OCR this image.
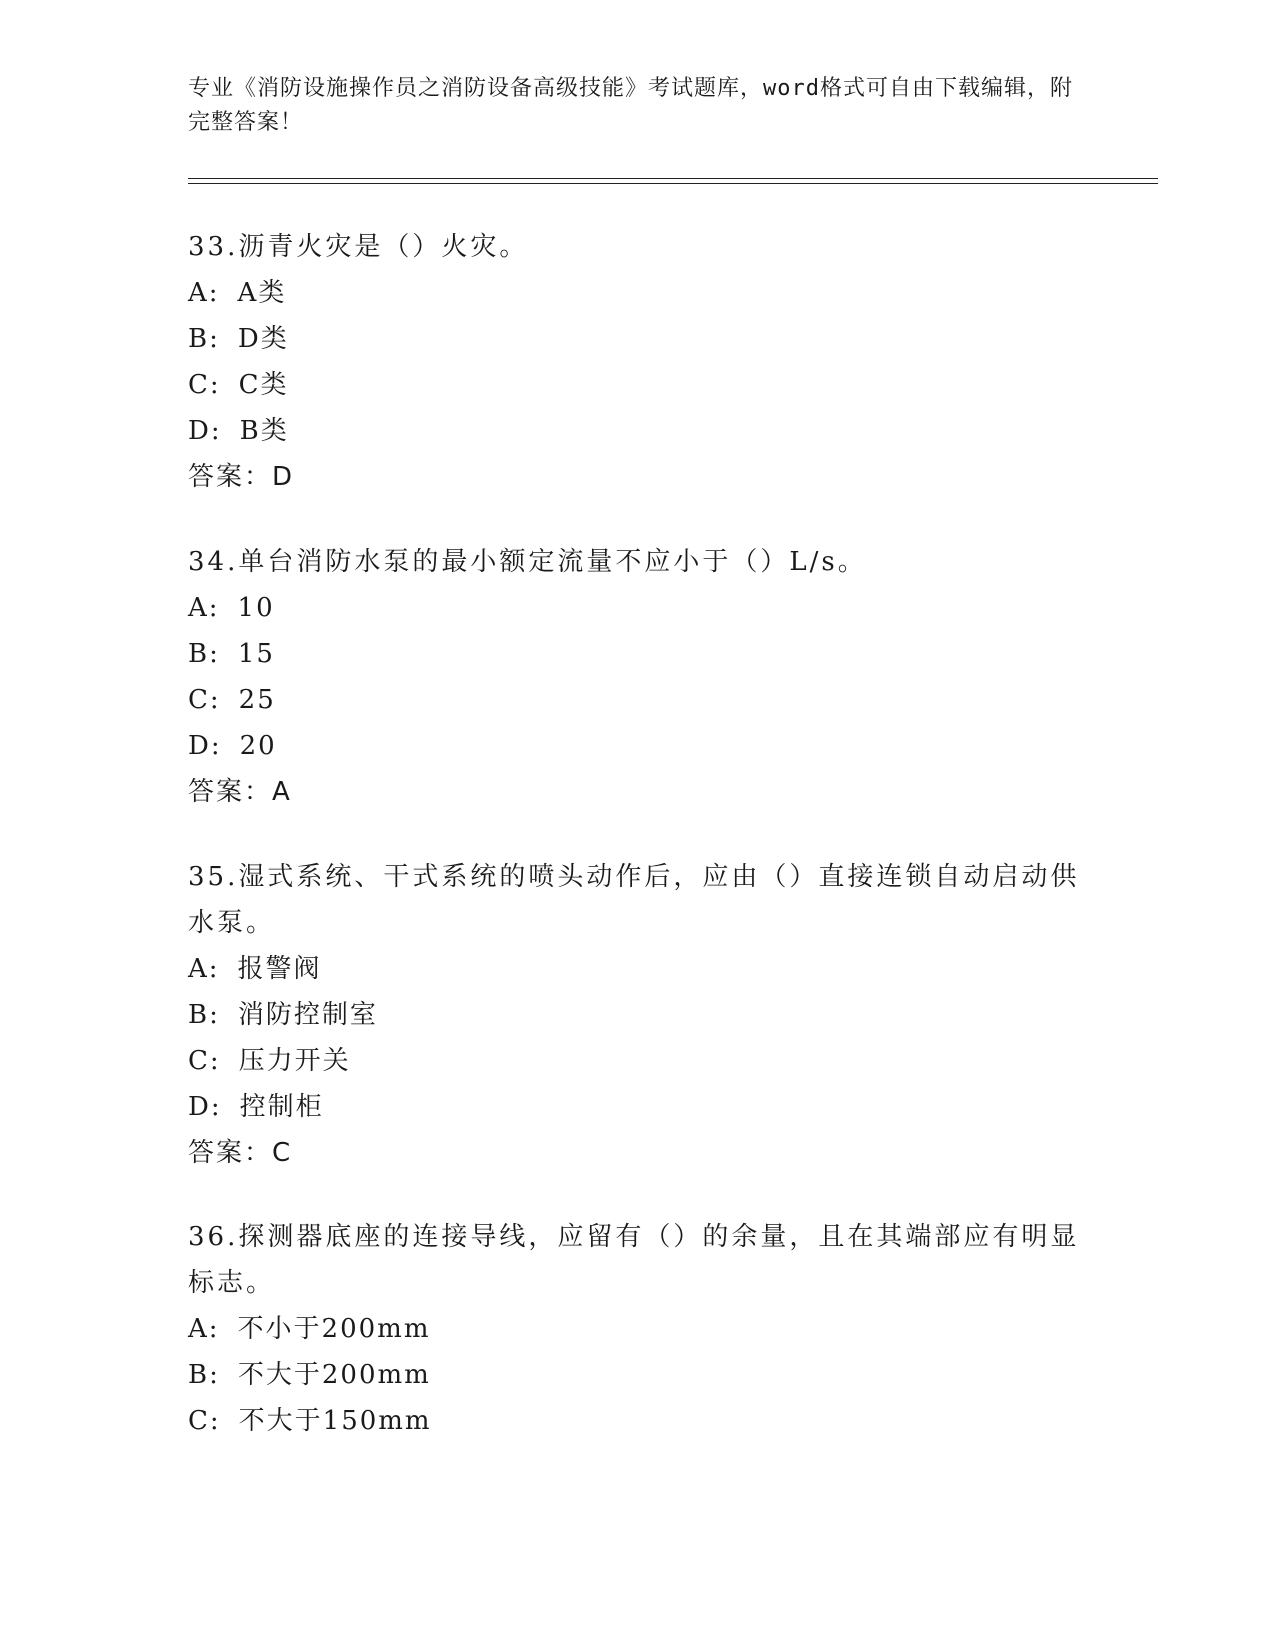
专业《消防设施操作员之消防设备高级技能》考试题库，word格式可自由下载编辑，附完整答案！

33.沥青火灾是（）火灾。

A: A类

B: D类

C: C类

D: B类

答案：D

34.单台消防水泵的最小额定流量不应小于（）L/s。

A: 10

B: 15

C: 25

D: 20

答案：A

35.湿式系统、干式系统的喷头动作后，应由（）直接连锁自动启动供水泵。

A: 报警阀

B: 消防控制室

C: 压力开关

D: 控制柜

答案：C

36.探测器底座的连接导线，应留有（）的余量，且在其端部应有明显标志。

A: 不小于200mm

B: 不大于200mm

C: 不大于150mm
